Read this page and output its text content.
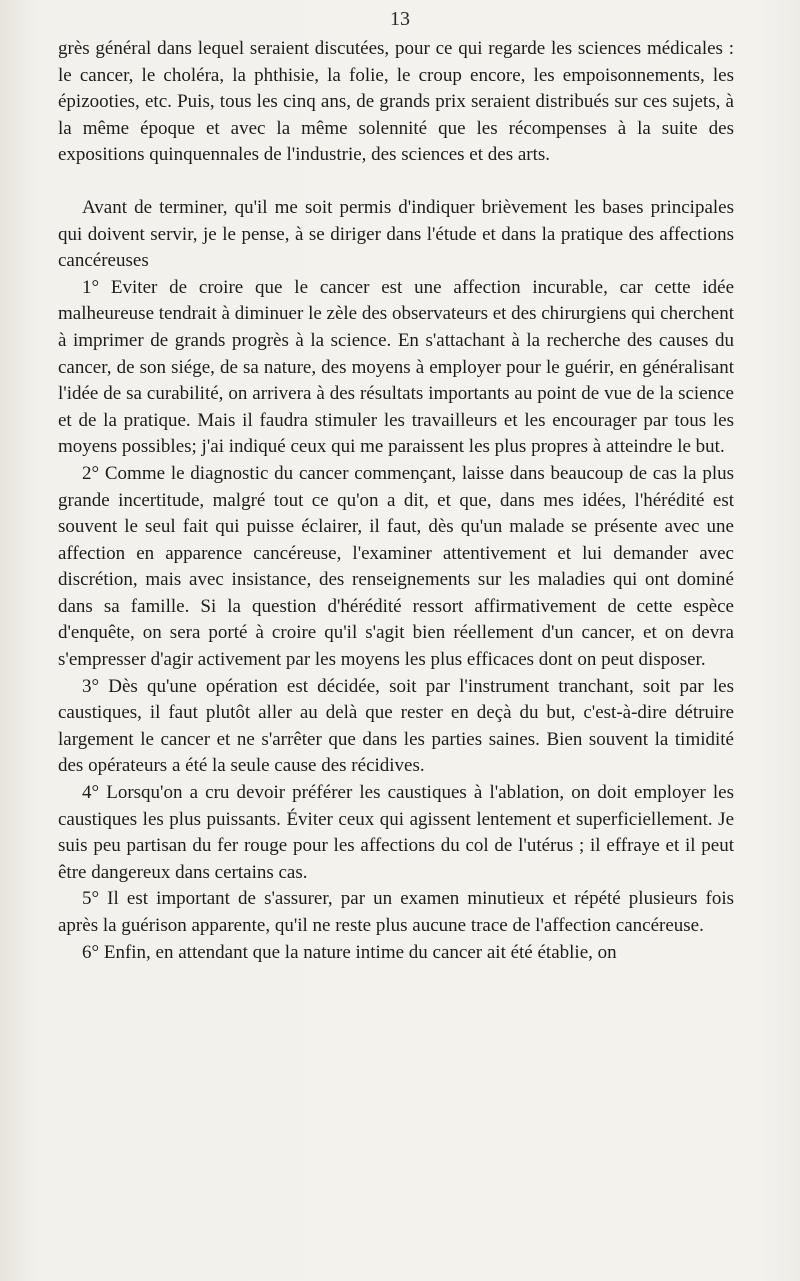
13

grès général dans lequel seraient discutées, pour ce qui regarde les sciences médicales : le cancer, le choléra, la phthisie, la folie, le croup encore, les empoisonnements, les épizooties, etc. Puis, tous les cinq ans, de grands prix seraient distribués sur ces sujets, à la même époque et avec la même solennité que les récompenses à la suite des expositions quinquennales de l'industrie, des sciences et des arts.

Avant de terminer, qu'il me soit permis d'indiquer brièvement les bases principales qui doivent servir, je le pense, à se diriger dans l'étude et dans la pratique des affections cancéreuses

1° Eviter de croire que le cancer est une affection incurable, car cette idée malheureuse tendrait à diminuer le zèle des observateurs et des chirurgiens qui cherchent à imprimer de grands progrès à la science. En s'attachant à la recherche des causes du cancer, de son siége, de sa nature, des moyens à employer pour le guérir, en généralisant l'idée de sa curabilité, on arrivera à des résultats importants au point de vue de la science et de la pratique. Mais il faudra stimuler les travailleurs et les encourager par tous les moyens possibles; j'ai indiqué ceux qui me paraissent les plus propres à atteindre le but.

2° Comme le diagnostic du cancer commençant, laisse dans beaucoup de cas la plus grande incertitude, malgré tout ce qu'on a dit, et que, dans mes idées, l'hérédité est souvent le seul fait qui puisse éclairer, il faut, dès qu'un malade se présente avec une affection en apparence cancéreuse, l'examiner attentivement et lui demander avec discrétion, mais avec insistance, des renseignements sur les maladies qui ont dominé dans sa famille. Si la question d'hérédité ressort affirmativement de cette espèce d'enquête, on sera porté à croire qu'il s'agit bien réellement d'un cancer, et on devra s'empresser d'agir activement par les moyens les plus efficaces dont on peut disposer.

3° Dès qu'une opération est décidée, soit par l'instrument tranchant, soit par les caustiques, il faut plutôt aller au delà que rester en deçà du but, c'est-à-dire détruire largement le cancer et ne s'arrêter que dans les parties saines. Bien souvent la timidité des opérateurs a été la seule cause des récidives.

4° Lorsqu'on a cru devoir préférer les caustiques à l'ablation, on doit employer les caustiques les plus puissants. Éviter ceux qui agissent lentement et superficiellement. Je suis peu partisan du fer rouge pour les affections du col de l'utérus ; il effraye et il peut être dangereux dans certains cas.

5° Il est important de s'assurer, par un examen minutieux et répété plusieurs fois après la guérison apparente, qu'il ne reste plus aucune trace de l'affection cancéreuse.

6° Enfin, en attendant que la nature intime du cancer ait été établie, on
